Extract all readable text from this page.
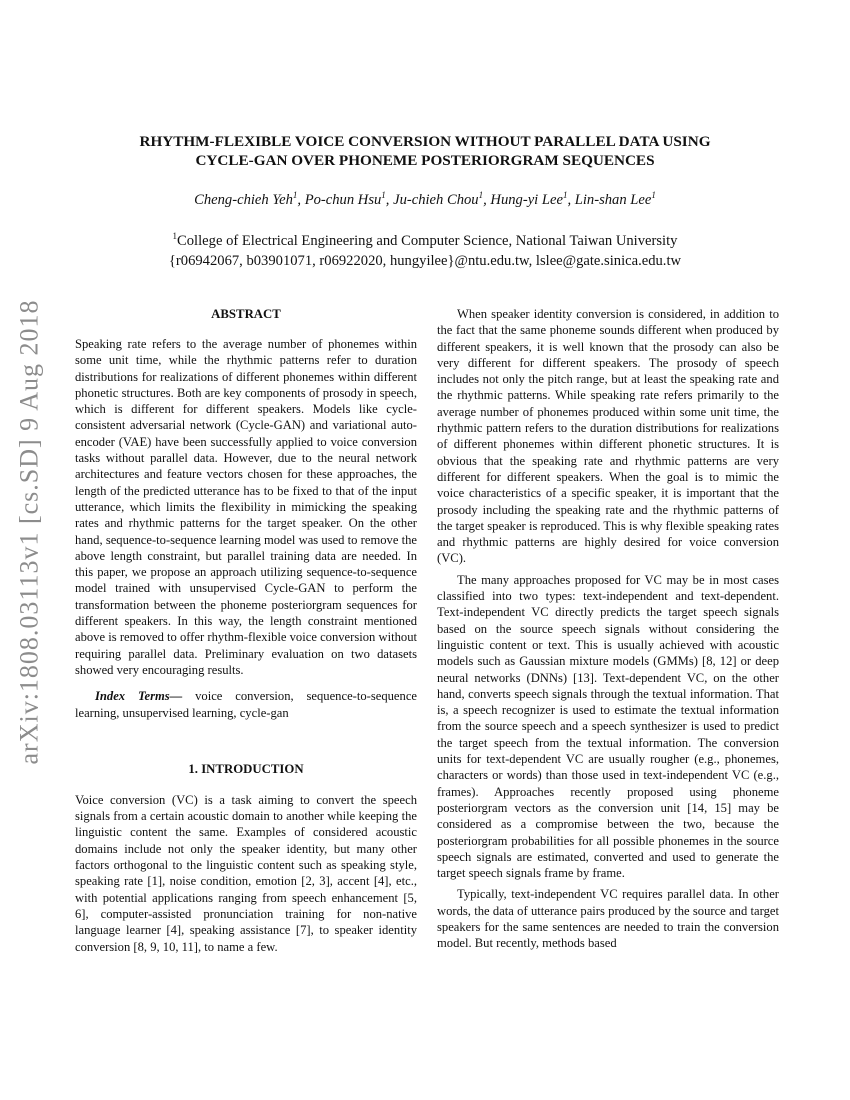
arXiv:1808.03113v1 [cs.SD] 9 Aug 2018
RHYTHM-FLEXIBLE VOICE CONVERSION WITHOUT PARALLEL DATA USING
CYCLE-GAN OVER PHONEME POSTERIORGRAM SEQUENCES
Cheng-chieh Yeh$^1$, Po-chun Hsu$^1$, Ju-chieh Chou$^1$, Hung-yi Lee$^1$, Lin-shan Lee$^1$
$^1$College of Electrical Engineering and Computer Science, National Taiwan University
{r06942067, b03901071, r06922020, hungyilee}@ntu.edu.tw, lslee@gate.sinica.edu.tw
ABSTRACT

Speaking rate refers to the average number of phonemes within some unit time, while the rhythmic patterns refer to duration distributions for realizations of different phonemes within different phonetic structures. Both are key components of prosody in speech, which is different for different speakers. Models like cycle-consistent adversarial network (Cycle-GAN) and variational auto-encoder (VAE) have been successfully applied to voice conversion tasks without parallel data. However, due to the neural network architectures and feature vectors chosen for these approaches, the length of the predicted utterance has to be fixed to that of the input utterance, which limits the flexibility in mimicking the speaking rates and rhythmic patterns for the target speaker. On the other hand, sequence-to-sequence learning model was used to remove the above length constraint, but parallel training data are needed. In this paper, we propose an approach utilizing sequence-to-sequence model trained with unsupervised Cycle-GAN to perform the transformation between the phoneme posteriorgram sequences for different speakers. In this way, the length constraint mentioned above is removed to offer rhythm-flexible voice conversion without requiring parallel data. Preliminary evaluation on two datasets showed very encouraging results.

Index Terms— voice conversion, sequence-to-sequence learning, unsupervised learning, cycle-gan

1. INTRODUCTION

Voice conversion (VC) is a task aiming to convert the speech signals from a certain acoustic domain to another while keeping the linguistic content the same. Examples of considered acoustic domains include not only the speaker identity, but many other factors orthogonal to the linguistic content such as speaking style, speaking rate [1], noise condition, emotion [2, 3], accent [4], etc., with potential applications ranging from speech enhancement [5, 6], computer-assisted pronunciation training for non-native language learner [4], speaking assistance [7], to speaker identity conversion [8, 9, 10, 11], to name a few.

When speaker identity conversion is considered, in addition to the fact that the same phoneme sounds different when produced by different speakers, it is well known that the prosody can also be very different for different speakers. The prosody of speech includes not only the pitch range, but at least the speaking rate and the rhythmic patterns. While speaking rate refers primarily to the average number of phonemes produced within some unit time, the rhythmic pattern refers to the duration distributions for realizations of different phonemes within different phonetic structures. It is obvious that the speaking rate and rhythmic patterns are very different for different speakers. When the goal is to mimic the voice characteristics of a specific speaker, it is important that the prosody including the speaking rate and the rhythmic patterns of the target speaker is reproduced. This is why flexible speaking rates and rhythmic patterns are highly desired for voice conversion (VC).

The many approaches proposed for VC may be in most cases classified into two types: text-independent and text-dependent. Text-independent VC directly predicts the target speech signals based on the source speech signals without considering the linguistic content or text. This is usually achieved with acoustic models such as Gaussian mixture models (GMMs) [8, 12] or deep neural networks (DNNs) [13]. Text-dependent VC, on the other hand, converts speech signals through the textual information. That is, a speech recognizer is used to estimate the textual information from the source speech and a speech synthesizer is used to predict the target speech from the textual information. The conversion units for text-dependent VC are usually rougher (e.g., phonemes, characters or words) than those used in text-independent VC (e.g., frames). Approaches recently proposed using phoneme posteriorgram vectors as the conversion unit [14, 15] may be considered as a compromise between the two, because the posteriorgram probabilities for all possible phonemes in the source speech signals are estimated, converted and used to generate the target speech signals frame by frame.

Typically, text-independent VC requires parallel data. In other words, the data of utterance pairs produced by the source and target speakers for the same sentences are needed to train the conversion model. But recently, methods based
